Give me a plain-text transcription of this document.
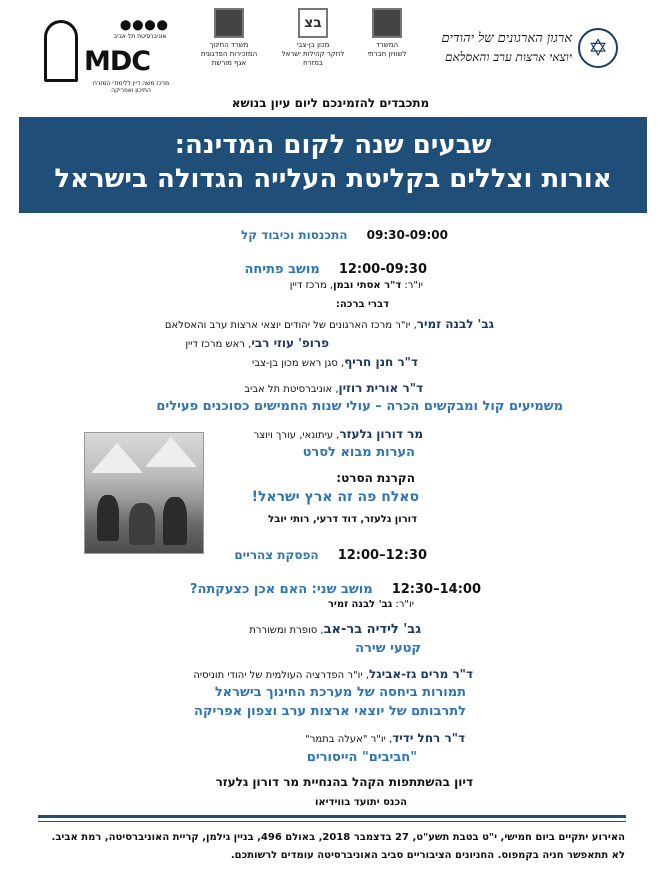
⬤⬤⬤⬤
אוניברסיטת תל אביב
MDC
מרכז משה דיין ללימודי המזרח התיכון ואפריקה
משרד החינוך
המזכירות הפדגוגית
אגף מורשת
בצ
מכון בן-צבי
לחקר קהילות ישראל במזרח
המשרד
לשוויון חברתי	✡
ארגון הארגונים של יהודים
יוצאי ארצות ערב והאסלאם
מתכבדים להזמינכם ליום עיון בנושא
שבעים שנה לקום המדינה:
אורות וצללים בקליטת העלייה הגדולה בישראל
09:30-09:00 התכנסות וכיבוד קל
12:00-09:30 מושב פתיחה
יו"ר: ד"ר אסתי ובמן, מרכז דיין
דברי ברכה:
גב' לבנה זמיר, יו"ר מרכז הארגונים של יהודים יוצאי ארצות ערב והאסלאם
פרופ' עוזי רבי, ראש מרכז דיין
ד"ר חנן חריף, סגן ראש מכון בן-צבי
ד"ר אורית רוזין, אוניברסיטת תל אביב
משמיעים קול ומבקשים הכרה – עולי שנות החמישים כסוכנים פעילים
מר דורון גלעזר, עיתונאי, עורך ויוצר
הערות מבוא לסרט
הקרנת הסרט:
סאלח פה זה ארץ ישראל!
דורון גלעזר, דוד דרעי, רותי יובל
12:30–12:00 הפסקת צהריים
14:00–12:30 מושב שני: האם אכן כצעקתה?
יו"ר: גב' לבנה זמיר
גב' לידיה בר-אב, סופרת ומשוררת
קטעי שירה
ד"ר מרים גז-אביגל, יו"ר הפדרציה העולמית של יהודי תוניסיה
תמורות ביחסה של מערכת החינוך בישראל
לתרבותם של יוצאי ארצות ערב וצפון אפריקה
ד"ר רחל ידיד, יו"ר "אעלה בתמר"
"חביבים" הייסורים
דיון בהשתתפות הקהל בהנחיית מר דורון גלעזר
הכנס יתועד בווידיאו
האירוע יתקיים ביום חמישי, י"ט בטבת תשע"ט, 27 בדצמבר 2018, באולם 496, בניין גילמן, קריית האוניברסיטה, רמת אביב.
לא תתאפשר חניה בקמפוס. החניונים הציבוריים סביב האוניברסיטה עומדים לרשותכם.
